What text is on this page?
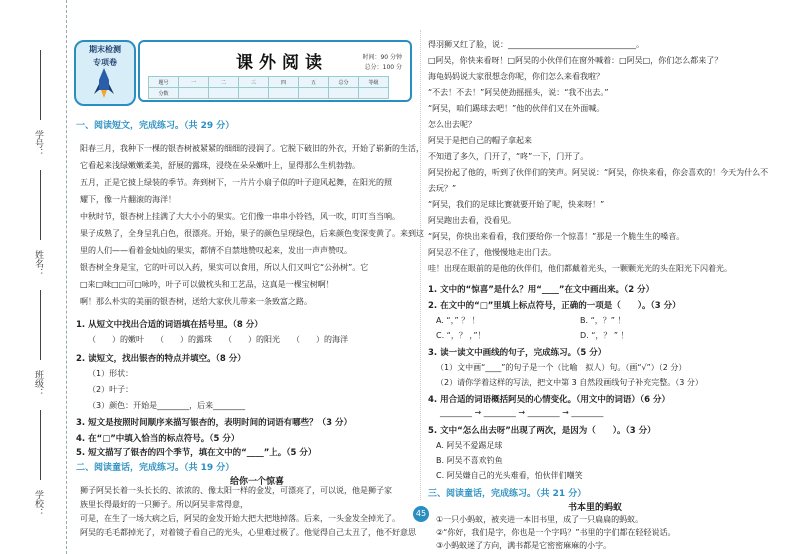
学号：
姓名：
班级：
学校：
期末检测
专项卷	课外阅读	时间：90 分钟
总分：100 分
题号	一	二	三	四	五	总分	等级
分数							
一、阅读短文，完成练习。（共 29 分）
阳春三月，我种下一棵的银杏树被紧紧的细细的浸润了。它脱下破旧的外衣，开始了崭新的生活，
它看起来浅绿嫩嫩柔美，舒展的露珠，浸绕在朵朵嫩叶上，显得那么生机勃勃。
五月，正是它披上绿装的季节。奔到树下，一片片小扇子似的叶子迎风起舞，在阳光的照
耀下，像一片翻滚的海洋！
中秋时节，银杏树上挂满了大大小小的果实。它们像一串串小铃铛，风一吹，叮叮当当响。
果子成熟了，全身呈乳白色，很漂亮。开始，果子的颜色呈现绿色，后来颜色变深变黄了。来到这
里的人们——看着金灿灿的果实，都情不自禁地赞叹起来，发出一声声赞叹。
银杏树全身是宝，它的叶可以入药，果实可以食用，所以人们又叫它“公孙树”。它
□来□味□□可□咏吟，叶子可以做枕头和工艺品，这真是一棵宝树啊！
啊！那么朴实的美丽的银杏树，送给大家伙儿带来一条致富之路。
1. 从短文中找出合适的词语填在括号里。（8 分）
（　　）的嫩叶　　（　　）的露珠　　（　　）的阳光　　（　　）的海洋
2. 读短文，找出银杏的特点并填空。（8 分）
（1）形状：
（2）叶子：
（3）颜色：开始是________，后来________
3. 短文是按照时间顺序来描写银杏的，表明时间的词语有哪些？（3 分）
4. 在“□”中填入恰当的标点符号。（5 分）
5. 短文描写了银杏的四个季节，填在文中的“____”上。（5 分）
二、阅读童话，完成练习。（共 19 分）
给你一个惊喜
狮子阿吴长着一头长长的、浓浓的、像太阳一样的金发，可漂亮了，可以说，他是狮子家
族里长得最好的一只狮子。所以阿吴非常得意，
可是，在生了一场大病之后，阿吴的金发开始大把大把地掉落。后来，一头金发全掉光了。
阿吴的毛毛都掉光了，对着镜子看自己的光头，心里难过极了。他觉得自己太丑了，他不好意思
45
得羽狮又红了脸，说：________________________________。
□阿吴，你快来看呀！□阿吴的小伙伴们在窗外喊着：□阿吴□，你们怎么都来了？
海龟妈妈说大家很想念你呢，你们怎么来看我啦？
“不去！不去！”阿吴使劲摇摇头，说：“我不出去。”
“阿吴，咱们踢球去吧！”他的伙伴们又在外面喊。
怎么出去呢？
阿吴于是把自己的帽子拿起来
不知道了多久，门开了，“咚”一下，门开了。
阿吴扮起了他的，听到了伙伴们的笑声。阿吴说：“阿吴，你快来看，你会喜欢的！今天为什么不
去玩？”
“阿吴，我们的足球比赛就要开始了呢，快来呀！”
阿吴跑出去看，没看见。
“阿吴，你快出来看看，我们要给你一个惊喜！”那是一个脆生生的嗓音。
阿吴忍不住了，他慢慢地走出门去。
哇！出现在眼前的是他的伙伴们，他们都戴着光头，一颗颗光光的头在阳光下闪着光。
1. 文中的“惊喜”是什么？用“____”在文中画出来。（2 分）
2. 在文中的“□”里填上标点符号，正确的一项是（　　）。（3 分）
A. “，” ？ ！	B. “，？” ！
C. “，？ ，”！	D. “，？ ” ！
3. 读一读文中画线的句子，完成练习。（5 分）
（1）文中画“____”的句子是一个（比喻　拟人）句。（画“√”）（2 分）
（2）请你学着这样的写法，把文中第 3 自然段画线句子补充完整。（3 分）
4. 用合适的词语概括阿吴的心情变化。（用文中的词语）（6 分）
________ → ________ → ________ → ________
5. 文中“怎么出去呀”出现了两次，是因为（　　）。（3 分）
A. 阿吴不爱踢足球
B. 阿吴不喜欢钓鱼
C. 阿吴嫌自己的光头难看，怕伙伴们嘲笑
三、阅读童话，完成练习。（共 21 分）
书本里的蚂蚁
①一只小蚂蚁，被夹进一本旧书里，成了一只扁扁的蚂蚁。
②“你好，我们是字，你也是一个字吗？”书里的字们都在轻轻说话。
③小蚂蚁迷了方向，满书都是它密密麻麻的小字。
